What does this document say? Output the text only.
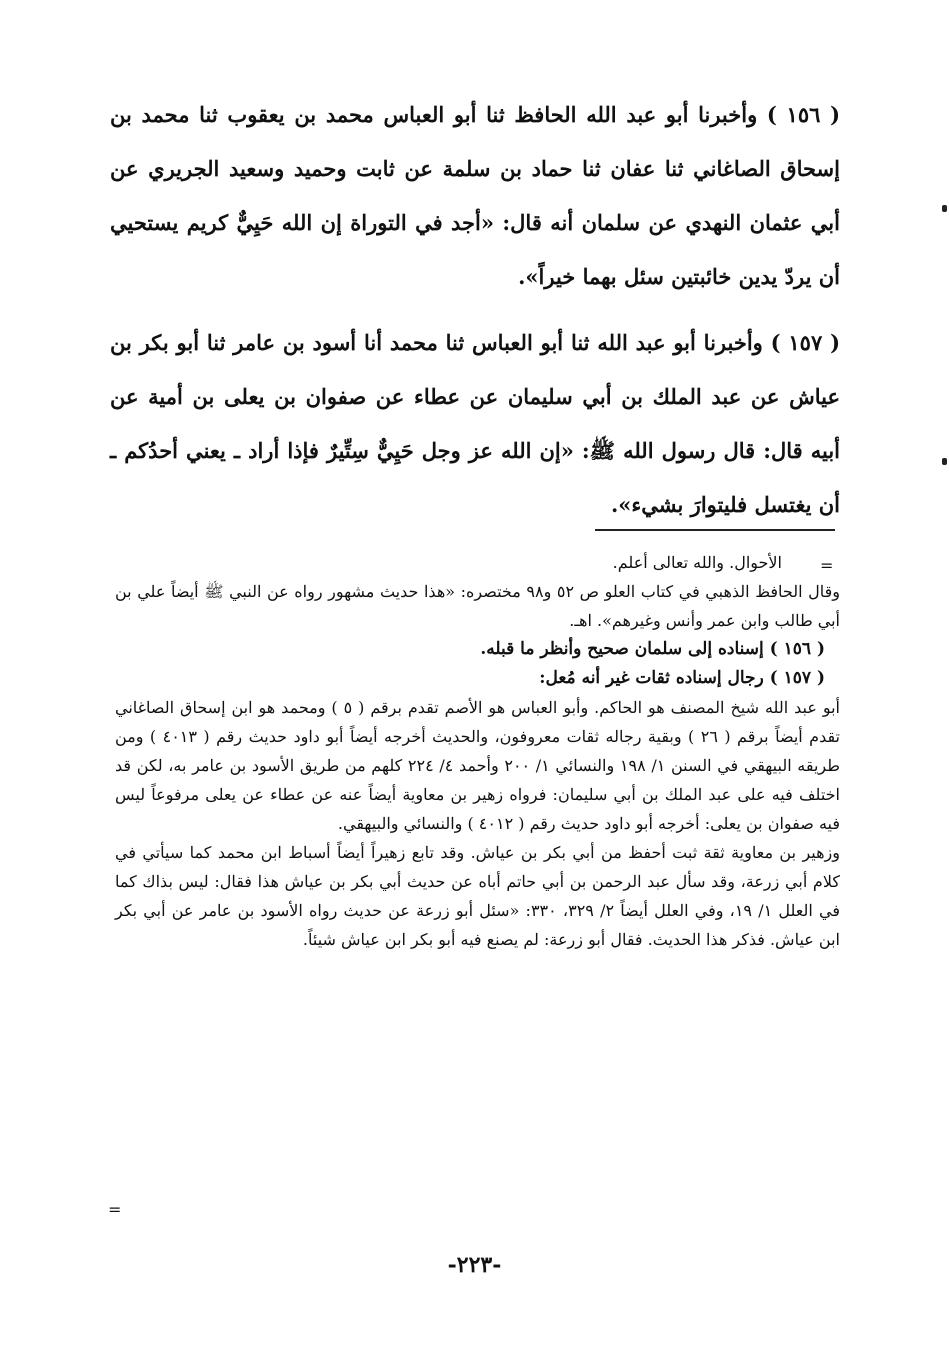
( ١٥٦ ) وأخبرنا أبو عبد الله الحافظ ثنا أبو العباس محمد بن يعقوب ثنا محمد بن إسحاق الصاغاني ثنا عفان ثنا حماد بن سلمة عن ثابت وحميد وسعيد الجريري عن أبي عثمان النهدي عن سلمان أنه قال: «أجد في التوراة إن الله حَيِيٌّ كريم يستحيي أن يردّ يدين خائبتين سئل بهما خيراً».

( ١٥٧ ) وأخبرنا أبو عبد الله ثنا أبو العباس ثنا محمد أنا أسود بن عامر ثنا أبو بكر بن عياش عن عبد الملك بن أبي سليمان عن عطاء عن صفوان بن يعلى بن أمية عن أبيه قال: قال رسول الله ﷺ: «إن الله عز وجل حَيِيٌّ سِتِّيرٌ فإذا أراد ـ يعني أحدُكم ـ أن يغتسل فليتوارَ بشيء».

=

الأحوال. والله تعالى أعلم.

وقال الحافظ الذهبي في كتاب العلو ص ٥٢ و٩٨ مختصره: «هذا حديث مشهور رواه عن النبي ﷺ أيضاً علي بن أبي طالب وابن عمر وأنس وغيرهم». اهـ.

( ١٥٦ ) إسناده إلى سلمان صحيح وأنظر ما قبله.

( ١٥٧ ) رجال إسناده ثقات غير أنه مُعل:

أبو عبد الله شيخ المصنف هو الحاكم. وأبو العباس هو الأصم تقدم برقم ( ٥ ) ومحمد هو ابن إسحاق الصاغاني تقدم أيضاً برقم ( ٢٦ ) وبقية رجاله ثقات معروفون، والحديث أخرجه أيضاً أبو داود حديث رقم ( ٤٠١٣ ) ومن طريقه البيهقي في السنن ١/ ١٩٨ والنسائي ١/ ٢٠٠ وأحمد ٤/ ٢٢٤ كلهم من طريق الأسود بن عامر به، لكن قد اختلف فيه على عبد الملك بن أبي سليمان: فرواه زهير بن معاوية أيضاً عنه عن عطاء عن يعلى مرفوعاً ليس فيه صفوان بن يعلى: أخرجه أبو داود حديث رقم ( ٤٠١٢ ) والنسائي والبيهقي.

وزهير بن معاوية ثقة ثبت أحفظ من أبي بكر بن عياش. وقد تابع زهيراً أيضاً أسباط ابن محمد كما سيأتي في كلام أبي زرعة، وقد سأل عبد الرحمن بن أبي حاتم أباه عن حديث أبي بكر بن عياش هذا فقال: ليس بذاك كما في العلل ١/ ١٩، وفي العلل أيضاً ٢/ ٣٢٩، ٣٣٠: «سئل أبو زرعة عن حديث رواه الأسود بن عامر عن أبي بكر ابن عياش. فذكر هذا الحديث. فقال أبو زرعة: لم يصنع فيه أبو بكر ابن عياش شيئاً.

=
-٢٢٣-
